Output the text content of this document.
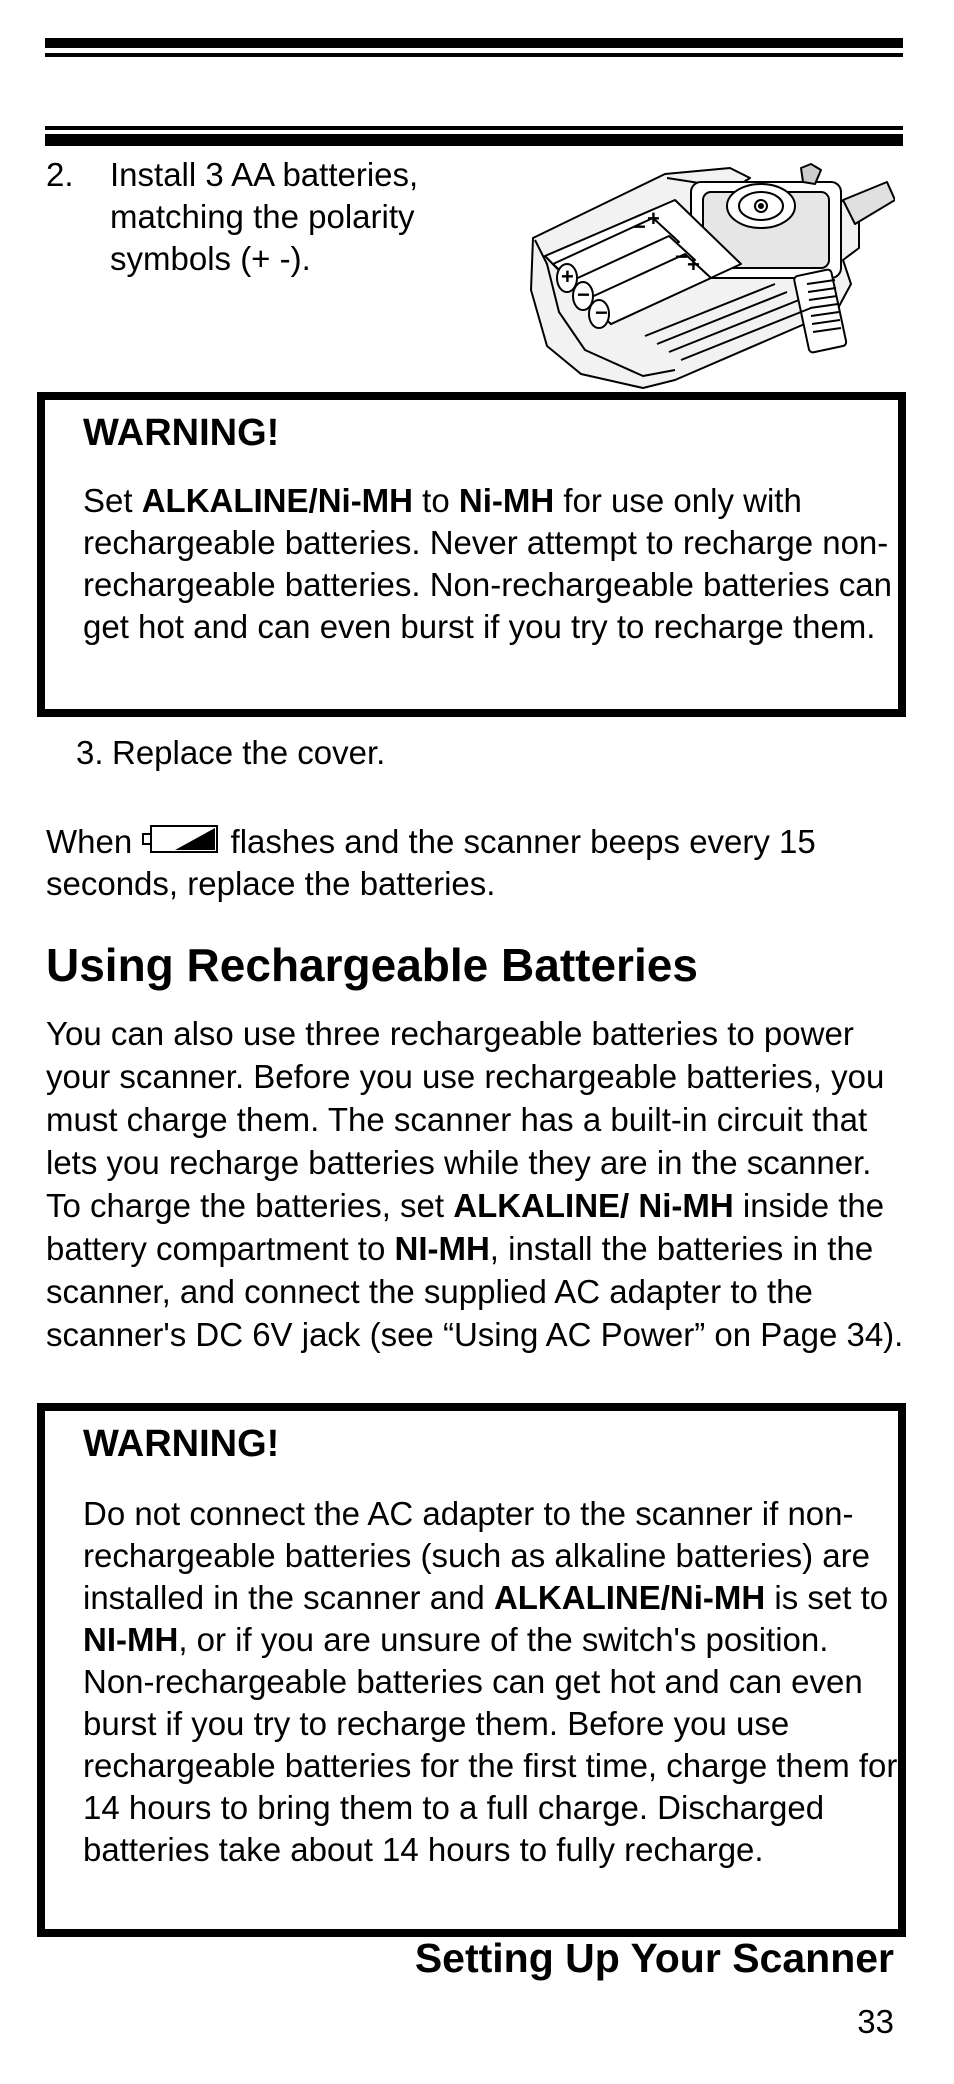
2. Install 3 AA batteries, matching the polarity symbols (+ -).	+
−
+
−
+
−
−
WARNING!
Set ALKALINE/Ni-MH to Ni-MH for use only with rechargeable batteries. Never attempt to recharge non-rechargeable batteries. Non-rechargeable batteries can get hot and can even burst if you try to recharge them.
3. Replace the cover.
When  flashes and the scanner beeps every 15 seconds, replace the batteries.
Using Rechargeable Batteries
You can also use three rechargeable batteries to power your scanner. Before you use rechargeable batteries, you must charge them. The scanner has a built-in circuit that lets you recharge batteries while they are in the scanner. To charge the batteries, set ALKALINE/ Ni-MH inside the battery compartment to NI-MH, install the batteries in the scanner, and connect the supplied AC adapter to the scanner's DC 6V jack (see “Using AC Power” on Page 34).
WARNING!
Do not connect the AC adapter to the scanner if non-rechargeable batteries (such as alkaline batteries) are installed in the scanner and ALKALINE/Ni-MH is set to NI-MH, or if you are unsure of the switch's position. Non-rechargeable batteries can get hot and can even burst if you try to recharge them. Before you use rechargeable batteries for the first time, charge them for 14 hours to bring them to a full charge. Discharged batteries take about 14 hours to fully recharge.
Setting Up Your Scanner
33
